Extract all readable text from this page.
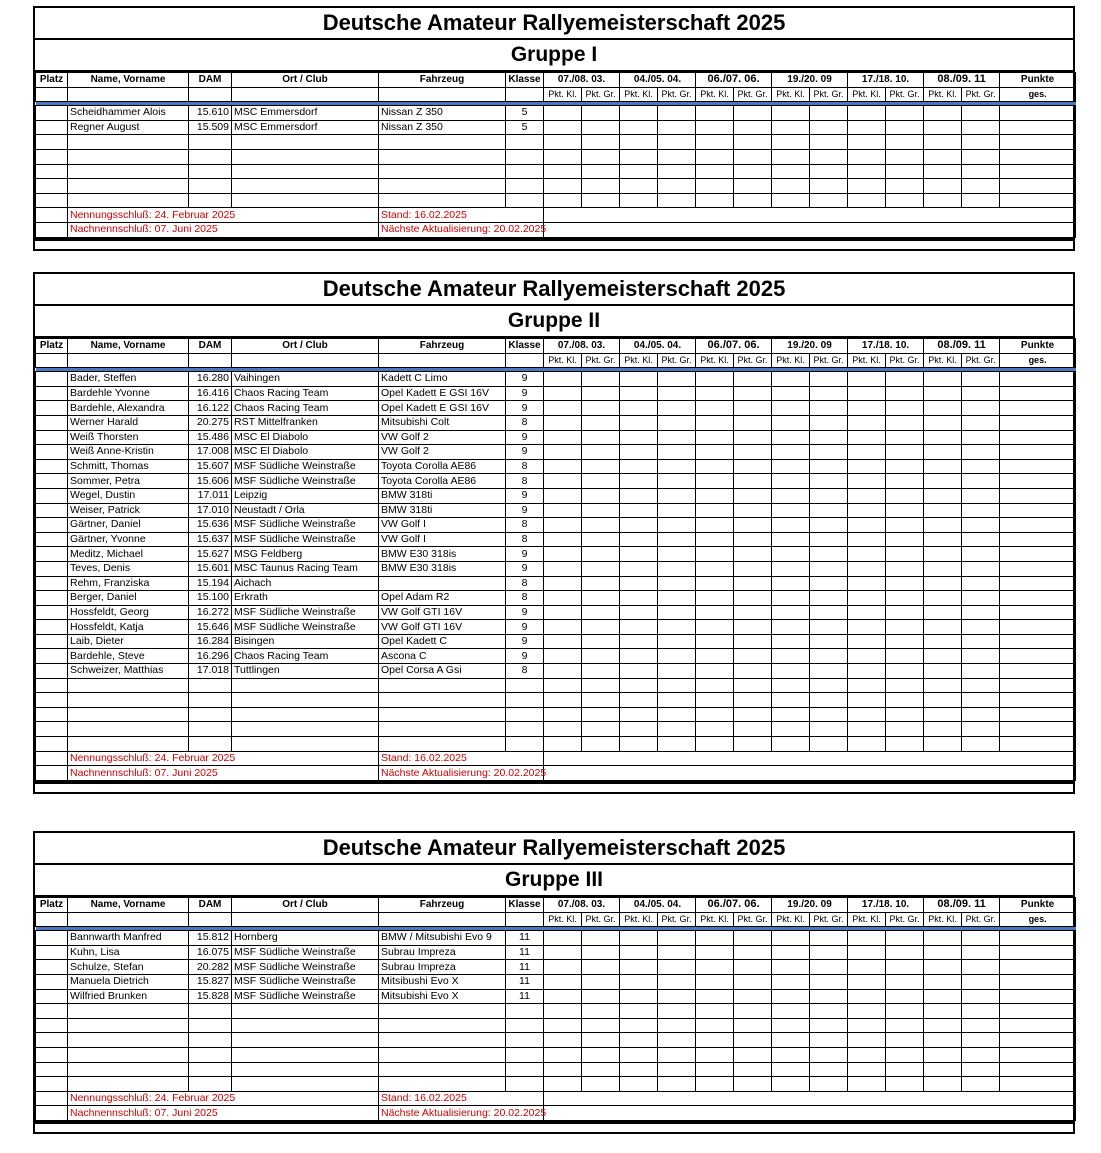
Deutsche Amateur Rallyemeisterschaft 2025
Gruppe I
Platz	Name, Vorname	DAM	Ort / Club	Fahrzeug	Klasse	07./08. 03.		04./05. 04.		06./07. 06.		19./20. 09		17./18. 10.		08./09. 11		Punkte
						Pkt. Kl.	Pkt. Gr.	Pkt. Kl.	Pkt. Gr.	Pkt. Kl.	Pkt. Gr.	Pkt. Kl.	Pkt. Gr.	Pkt. Kl.	Pkt. Gr.	Pkt. Kl.	Pkt. Gr.	ges.

	Scheidhammer Alois	15.610	MSC Emmersdorf	Nissan Z 350	5													
	Regner August	15.509	MSC Emmersdorf	Nissan Z 350	5													

	Nennungsschluß: 24. Februar 2025			Stand: 16.02.2025														
	Nachnennschluß: 07. Juni 2025			Nächste Aktualisierung: 20.02.2025														
Deutsche Amateur Rallyemeisterschaft 2025
Gruppe II
Platz	Name, Vorname	DAM	Ort / Club	Fahrzeug	Klasse	07./08. 03.		04./05. 04.		06./07. 06.		19./20. 09		17./18. 10.		08./09. 11		Punkte
						Pkt. Kl.	Pkt. Gr.	Pkt. Kl.	Pkt. Gr.	Pkt. Kl.	Pkt. Gr.	Pkt. Kl.	Pkt. Gr.	Pkt. Kl.	Pkt. Gr.	Pkt. Kl.	Pkt. Gr.	ges.

	Bader, Steffen	16.280	Vaihingen	Kadett C Limo	9													
	Bardehle Yvonne	16.416	Chaos Racing Team	Opel Kadett E GSI 16V	9													
	Bardehle, Alexandra	16.122	Chaos Racing Team	Opel Kadett E GSI 16V	9													
	Werner Harald	20.275	RST Mittelfranken	Mitsubishi Colt	8													
	Weiß Thorsten	15.486	MSC El Diabolo	VW Golf 2	9													
	Weiß Anne-Kristin	17.008	MSC El Diabolo	VW Golf 2	9													
	Schmitt, Thomas	15.607	MSF Südliche Weinstraße	Toyota Corolla AE86	8													
	Sommer, Petra	15.606	MSF Südliche Weinstraße	Toyota Corolla AE86	8													
	Wegel, Dustin	17.011	Leipzig	BMW 318ti	9													
	Weiser, Patrick	17.010	Neustadt / Orla	BMW 318ti	9													
	Gärtner, Daniel	15.636	MSF Südliche Weinstraße	VW Golf I	8													
	Gärtner, Yvonne	15.637	MSF Südliche Weinstraße	VW Golf I	8													
	Meditz, Michael	15.627	MSG Feldberg	BMW E30 318is	9													
	Teves, Denis	15.601	MSC Taunus Racing Team	BMW E30 318is	9													
	Rehm, Franziska	15.194	Aichach		8													
	Berger, Daniel	15.100	Erkrath	Opel Adam R2	8													
	Hossfeldt, Georg	16.272	MSF Südliche Weinstraße	VW Golf GTI 16V	9													
	Hossfeldt, Katja	15.646	MSF Südliche Weinstraße	VW Golf GTI 16V	9													
	Laib, Dieter	16.284	Bisingen	Opel Kadett C	9													
	Bardehle, Steve	16.296	Chaos Racing Team	Ascona C	9													
	Schweizer, Matthias	17.018	Tuttlingen	Opel Corsa A Gsi	8													

	Nennungsschluß: 24. Februar 2025			Stand: 16.02.2025														
	Nachnennschluß: 07. Juni 2025			Nächste Aktualisierung: 20.02.2025														
Deutsche Amateur Rallyemeisterschaft 2025
Gruppe III
Platz	Name, Vorname	DAM	Ort / Club	Fahrzeug	Klasse	07./08. 03.		04./05. 04.		06./07. 06.		19./20. 09		17./18. 10.		08./09. 11		Punkte
						Pkt. Kl.	Pkt. Gr.	Pkt. Kl.	Pkt. Gr.	Pkt. Kl.	Pkt. Gr.	Pkt. Kl.	Pkt. Gr.	Pkt. Kl.	Pkt. Gr.	Pkt. Kl.	Pkt. Gr.	ges.

	Bannwarth Manfred	15.812	Hornberg	BMW / Mitsubishi Evo 9	11													
	Kuhn, Lisa	16.075	MSF Südliche Weinstraße	Subrau Impreza	11													
	Schulze, Stefan	20.282	MSF Südliche Weinstraße	Subrau Impreza	11													
	Manuela Dietrich	15.827	MSF Südliche Weinstraße	Mitsibushi Evo X	11													
	Wilfried Brunken	15.828	MSF Südliche Weinstraße	Mitsubishi Evo X	11													

	Nennungsschluß: 24. Februar 2025			Stand: 16.02.2025														
	Nachnennschluß: 07. Juni 2025			Nächste Aktualisierung: 20.02.2025														
